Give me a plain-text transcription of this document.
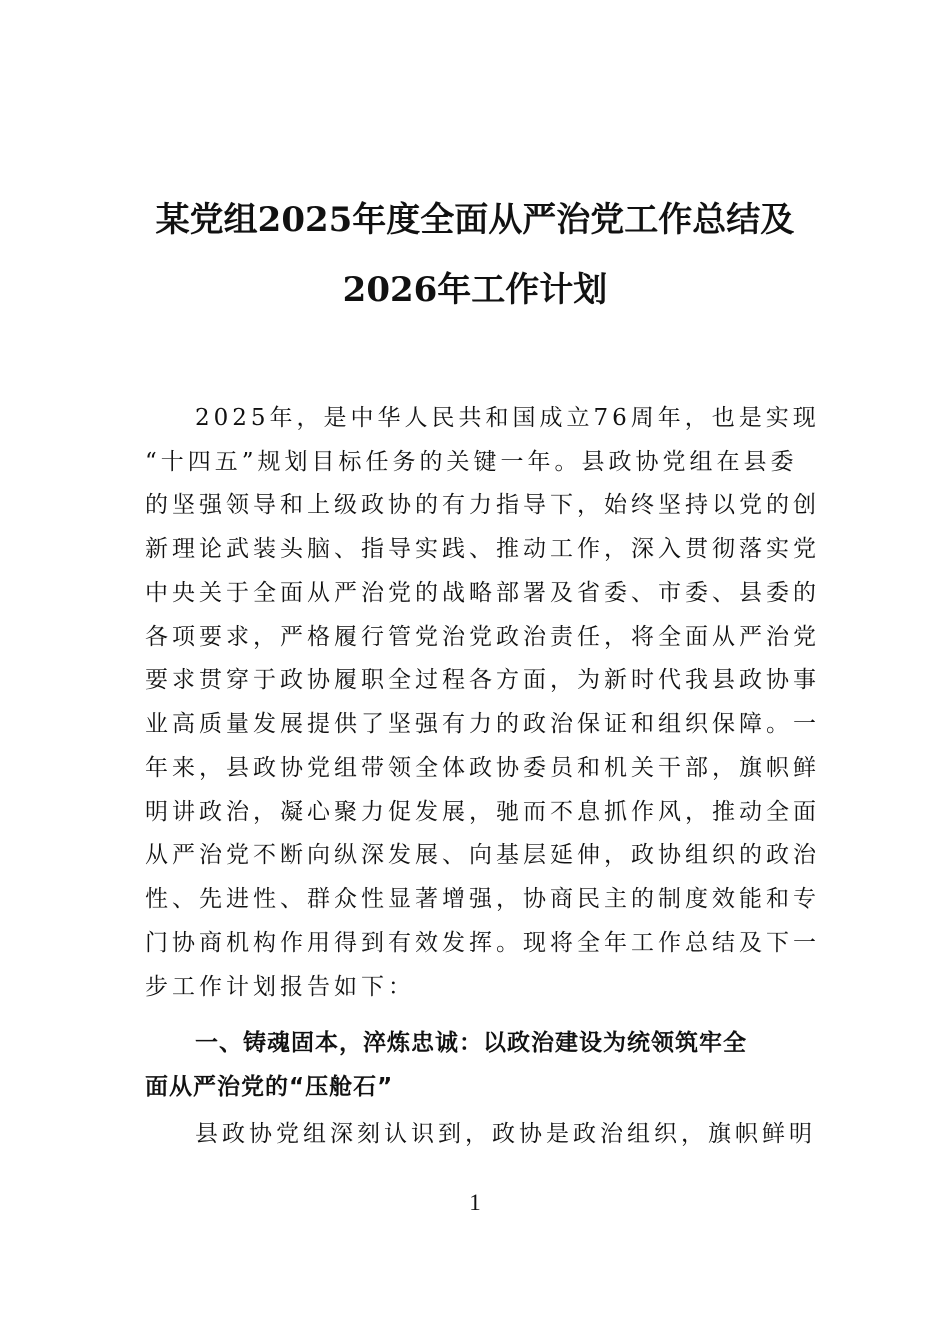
某党组2025年度全面从严治党工作总结及
2026年工作计划

2025年，是中华人民共和国成立76周年，也是实现

“十四五”规划目标任务的关键一年。县政协党组在县委

的坚强领导和上级政协的有力指导下，始终坚持以党的创

新理论武装头脑、指导实践、推动工作，深入贯彻落实党

中央关于全面从严治党的战略部署及省委、市委、县委的

各项要求，严格履行管党治党政治责任，将全面从严治党

要求贯穿于政协履职全过程各方面，为新时代我县政协事

业高质量发展提供了坚强有力的政治保证和组织保障。一

年来，县政协党组带领全体政协委员和机关干部，旗帜鲜

明讲政治，凝心聚力促发展，驰而不息抓作风，推动全面

从严治党不断向纵深发展、向基层延伸，政协组织的政治

性、先进性、群众性显著增强，协商民主的制度效能和专

门协商机构作用得到有效发挥。现将全年工作总结及下一

步工作计划报告如下：

一、铸魂固本，淬炼忠诚：以政治建设为统领筑牢全
面从严治党的“压舱石”

县政协党组深刻认识到，政协是政治组织，旗帜鲜明

1
